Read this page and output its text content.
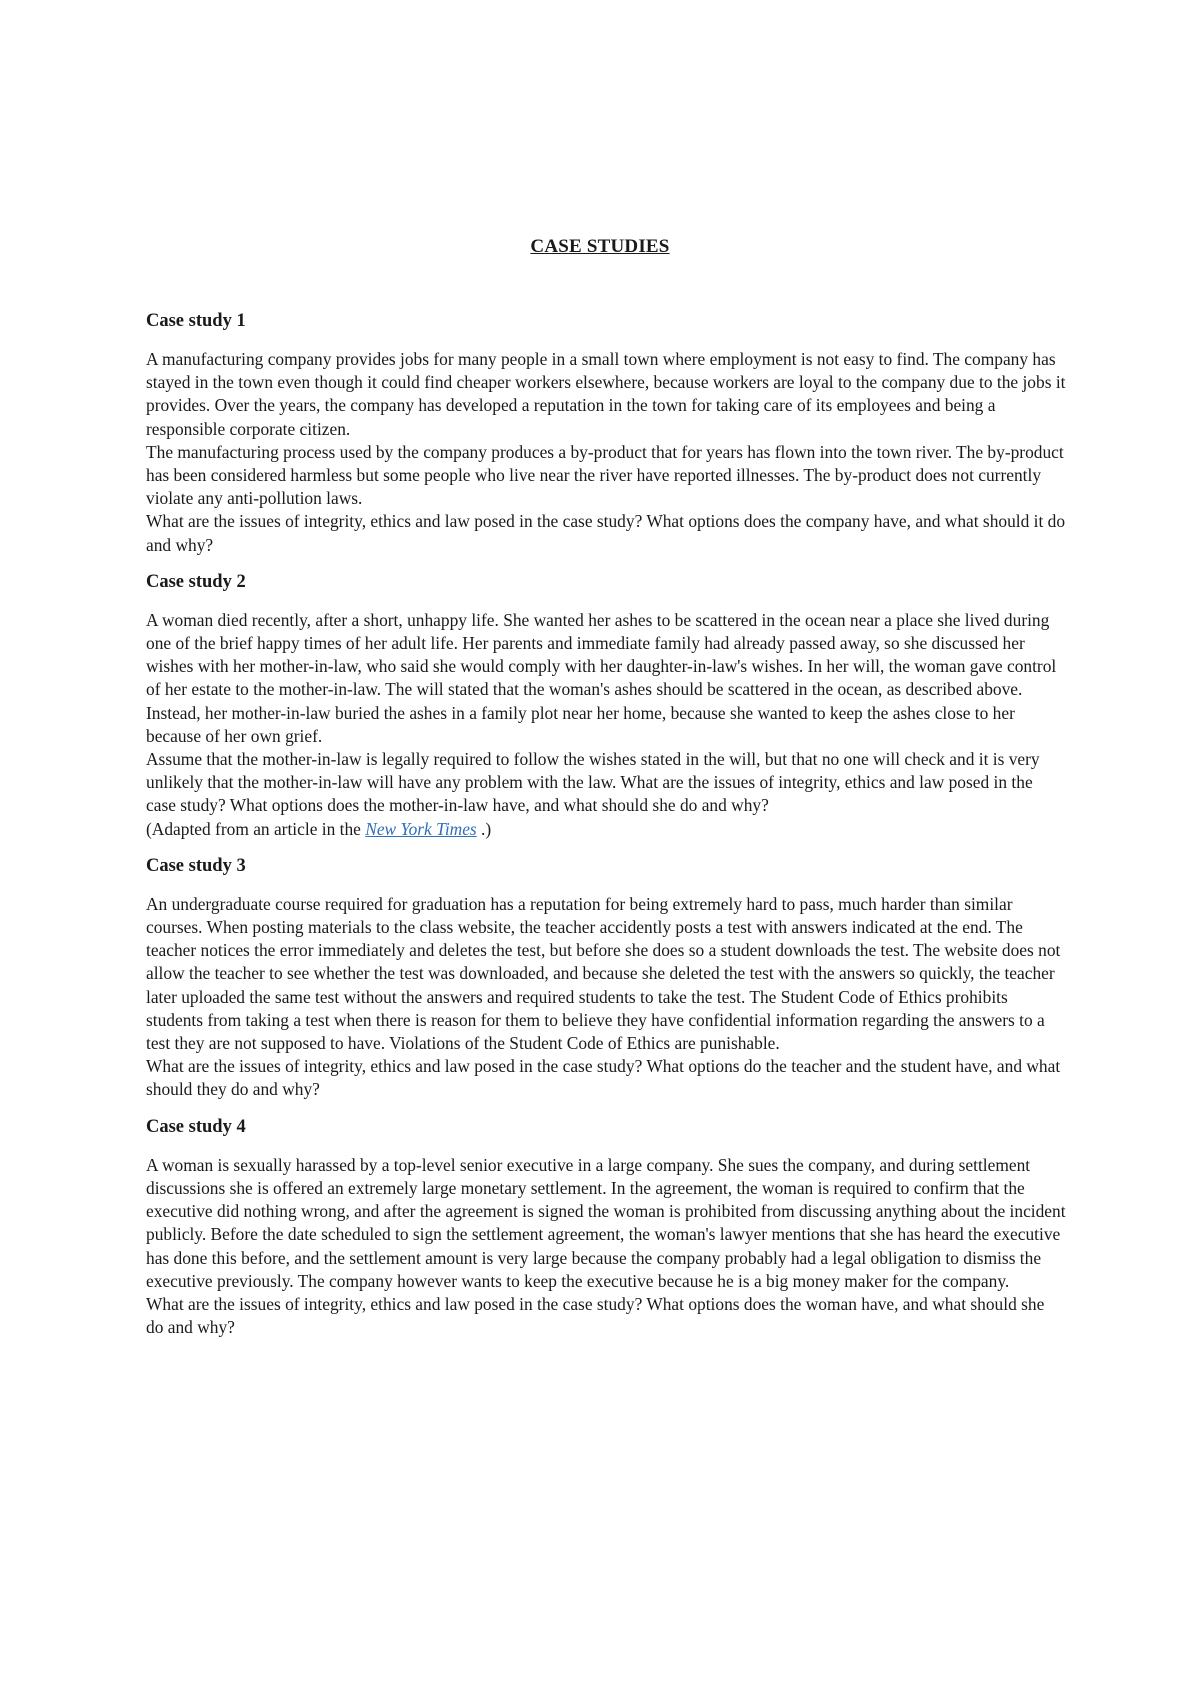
CASE STUDIES
Case study 1

A manufacturing company provides jobs for many people in a small town where employment is not easy to find. The company has stayed in the town even though it could find cheaper workers elsewhere, because workers are loyal to the company due to the jobs it provides. Over the years, the company has developed a reputation in the town for taking care of its employees and being a responsible corporate citizen.

The manufacturing process used by the company produces a by-product that for years has flown into the town river. The by-product has been considered harmless but some people who live near the river have reported illnesses. The by-product does not currently violate any anti-pollution laws.

What are the issues of integrity, ethics and law posed in the case study? What options does the company have, and what should it do and why?

Case study 2

A woman died recently, after a short, unhappy life. She wanted her ashes to be scattered in the ocean near a place she lived during one of the brief happy times of her adult life. Her parents and immediate family had already passed away, so she discussed her wishes with her mother-in-law, who said she would comply with her daughter-in-law's wishes. In her will, the woman gave control of her estate to the mother-in-law. The will stated that the woman's ashes should be scattered in the ocean, as described above. Instead, her mother-in-law buried the ashes in a family plot near her home, because she wanted to keep the ashes close to her because of her own grief.

Assume that the mother-in-law is legally required to follow the wishes stated in the will, but that no one will check and it is very unlikely that the mother-in-law will have any problem with the law. What are the issues of integrity, ethics and law posed in the case study? What options does the mother-in-law have, and what should she do and why?

(Adapted from an article in the New York Times .)

Case study 3

An undergraduate course required for graduation has a reputation for being extremely hard to pass, much harder than similar courses. When posting materials to the class website, the teacher accidently posts a test with answers indicated at the end. The teacher notices the error immediately and deletes the test, but before she does so a student downloads the test. The website does not allow the teacher to see whether the test was downloaded, and because she deleted the test with the answers so quickly, the teacher later uploaded the same test without the answers and required students to take the test. The Student Code of Ethics prohibits students from taking a test when there is reason for them to believe they have confidential information regarding the answers to a test they are not supposed to have. Violations of the Student Code of Ethics are punishable.

What are the issues of integrity, ethics and law posed in the case study? What options do the teacher and the student have, and what should they do and why?

Case study 4

A woman is sexually harassed by a top-level senior executive in a large company. She sues the company, and during settlement discussions she is offered an extremely large monetary settlement. In the agreement, the woman is required to confirm that the executive did nothing wrong, and after the agreement is signed the woman is prohibited from discussing anything about the incident publicly. Before the date scheduled to sign the settlement agreement, the woman's lawyer mentions that she has heard the executive has done this before, and the settlement amount is very large because the company probably had a legal obligation to dismiss the executive previously. The company however wants to keep the executive because he is a big money maker for the company.

What are the issues of integrity, ethics and law posed in the case study? What options does the woman have, and what should she do and why?
